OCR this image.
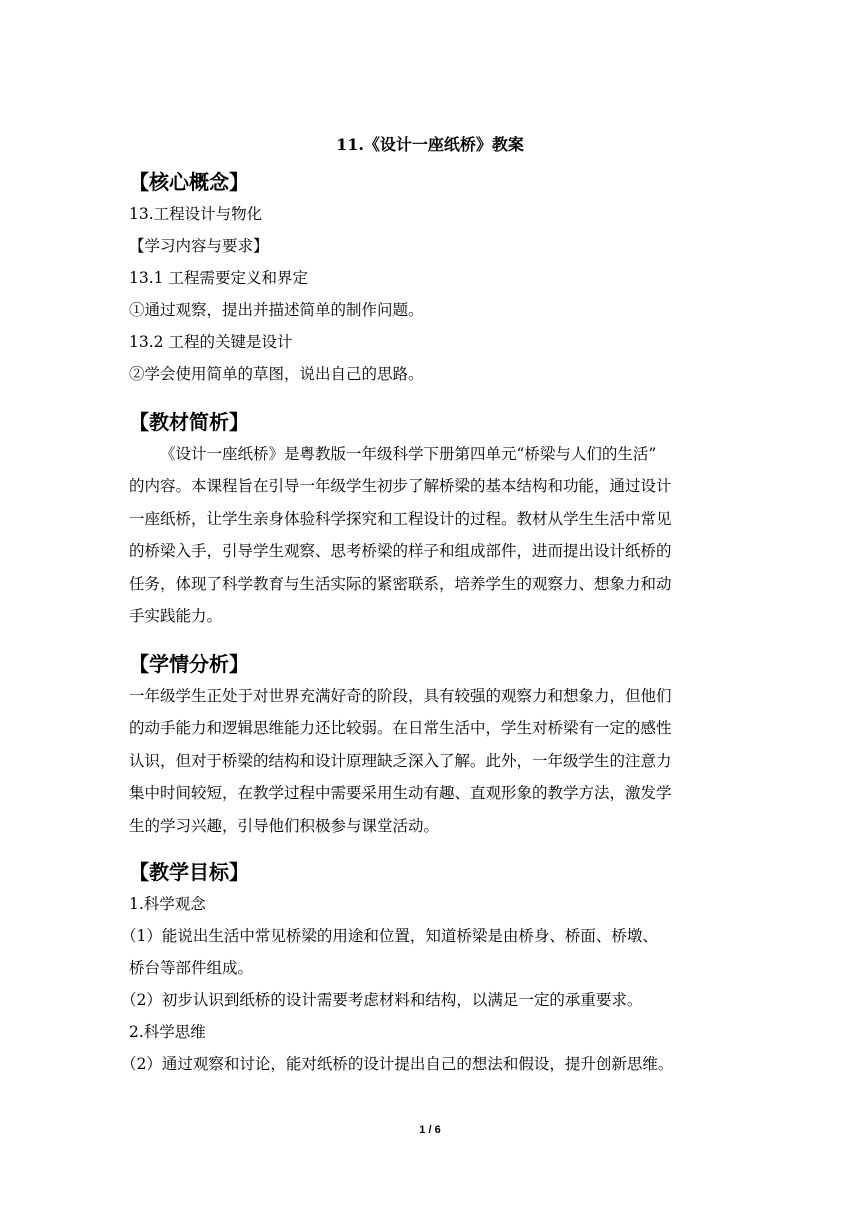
11.《设计一座纸桥》教案
【核心概念】
13.工程设计与物化
【学习内容与要求】
13.1 工程需要定义和界定
①通过观察，提出并描述简单的制作问题。
13.2 工程的关键是设计
②学会使用简单的草图，说出自己的思路。
【教材简析】

《设计一座纸桥》是粤教版一年级科学下册第四单元“桥梁与人们的生活”

的内容。本课程旨在引导一年级学生初步了解桥梁的基本结构和功能，通过设计

一座纸桥，让学生亲身体验科学探究和工程设计的过程。教材从学生生活中常见

的桥梁入手，引导学生观察、思考桥梁的样子和组成部件，进而提出设计纸桥的

任务，体现了科学教育与生活实际的紧密联系，培养学生的观察力、想象力和动

手实践能力。

【学情分析】

一年级学生正处于对世界充满好奇的阶段，具有较强的观察力和想象力，但他们

的动手能力和逻辑思维能力还比较弱。在日常生活中，学生对桥梁有一定的感性

认识，但对于桥梁的结构和设计原理缺乏深入了解。此外，一年级学生的注意力

集中时间较短，在教学过程中需要采用生动有趣、直观形象的教学方法，激发学

生的学习兴趣，引导他们积极参与课堂活动。

【教学目标】
1.科学观念
（1）能说出生活中常见桥梁的用途和位置，知道桥梁是由桥身、桥面、桥墩、
桥台等部件组成。
（2）初步认识到纸桥的设计需要考虑材料和结构，以满足一定的承重要求。
2.科学思维
（2）通过观察和讨论，能对纸桥的设计提出自己的想法和假设，提升创新思维。
1 / 6
